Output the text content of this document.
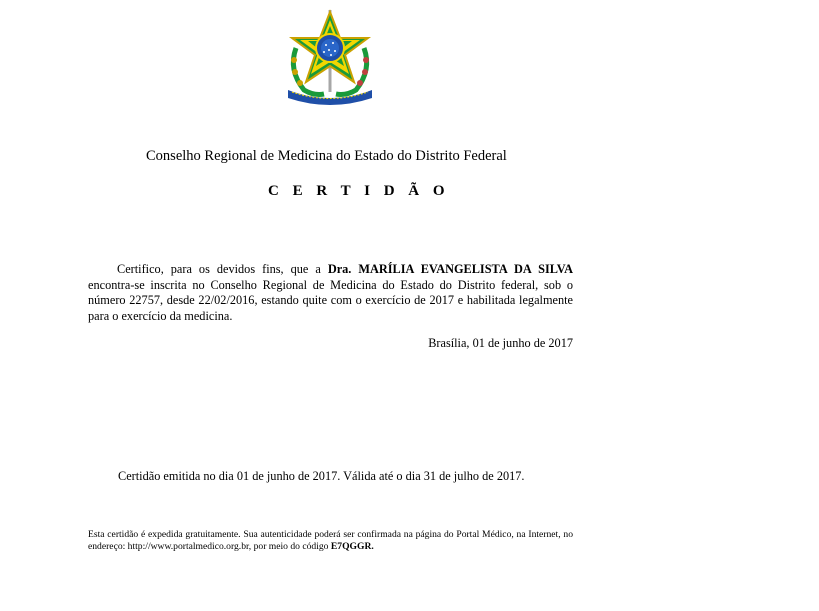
Conselho Regional de Medicina do Estado do Distrito Federal
C E R T I D Ã O
Certifico, para os devidos fins, que a Dra. MARÍLIA EVANGELISTA DA SILVA encontra-se inscrita no Conselho Regional de Medicina do Estado do Distrito federal, sob o número 22757, desde 22/02/2016, estando quite com o exercício de 2017 e habilitada legalmente para o exercício da medicina.
Brasília, 01 de junho de 2017
Certidão emitida no dia 01 de junho de 2017. Válida até o dia 31 de julho de 2017.
Esta certidão é expedida gratuitamente. Sua autenticidade poderá ser confirmada na página do Portal Médico, na Internet, no endereço: http://www.portalmedico.org.br, por meio do código E7QGGR.
